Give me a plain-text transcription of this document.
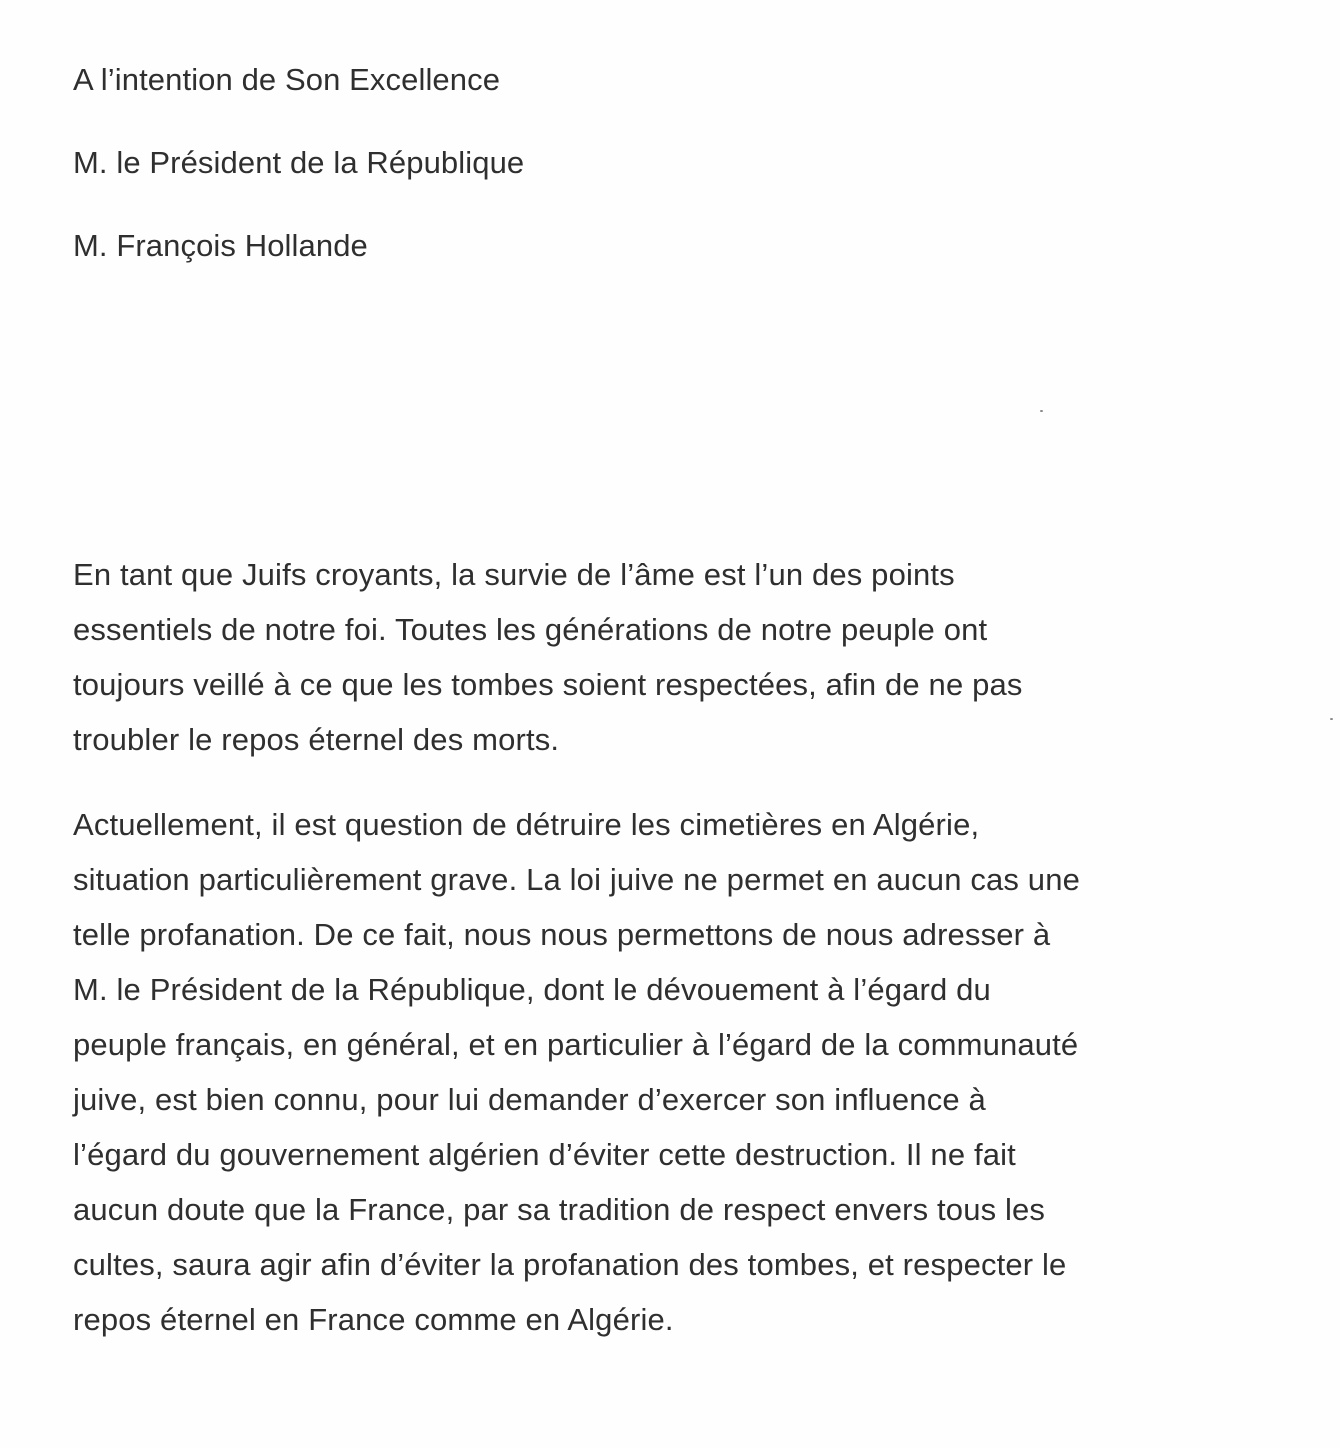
A l’intention de Son Excellence
M. le Président de la République
M. François Hollande
En tant que Juifs croyants, la survie de l’âme est l’un des points
essentiels de notre foi. Toutes les générations de notre peuple ont
toujours veillé à ce que les tombes soient respectées, afin de ne pas
troubler le repos éternel des morts.
Actuellement, il est question de détruire les cimetières en Algérie,
situation particulièrement grave. La loi juive ne permet en aucun cas une
telle profanation. De ce fait, nous nous permettons de nous adresser à
M. le Président de la République, dont le dévouement à l’égard du
peuple français, en général, et en particulier à l’égard de la communauté
juive, est bien connu, pour lui demander d’exercer son influence à
l’égard du gouvernement algérien d’éviter cette destruction. Il ne fait
aucun doute que la France, par sa tradition de respect envers tous les
cultes, saura agir afin d’éviter la profanation des tombes, et respecter le
repos éternel en France comme en Algérie.
